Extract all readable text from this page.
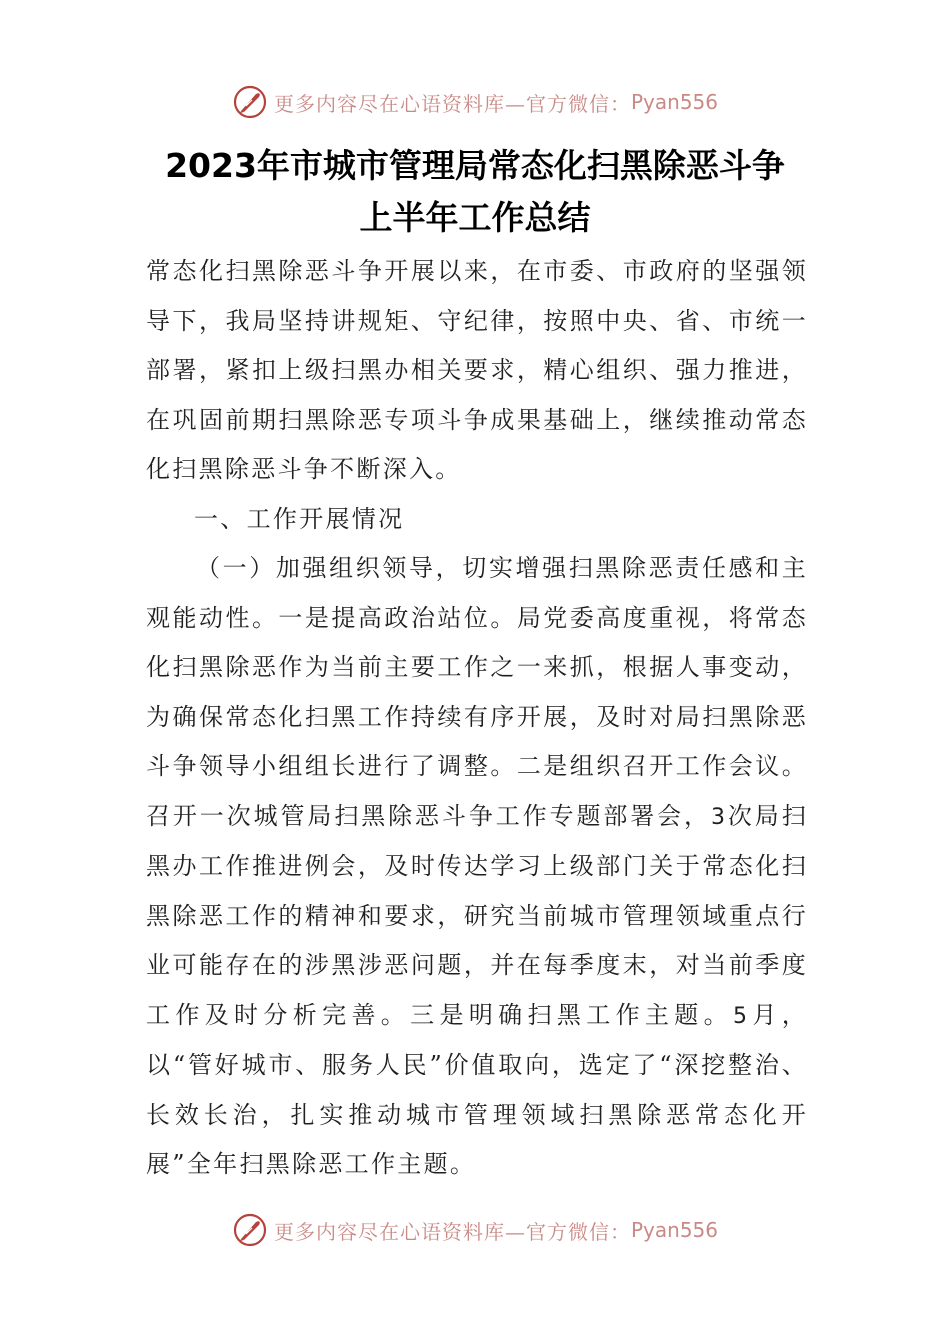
更多内容尽在心语资料库—官方微信： Pyan556
2023年市城市管理局常态化扫黑除恶斗争
上半年工作总结

常态化扫黑除恶斗争开展以来，在市委、市政府的坚强领导下，我局坚持讲规矩、守纪律，按照中央、省、市统一部署，紧扣上级扫黑办相关要求，精心组织、强力推进，在巩固前期扫黑除恶专项斗争成果基础上，继续推动常态化扫黑除恶斗争不断深入。

一、工作开展情况

（一）加强组织领导，切实增强扫黑除恶责任感和主观能动性。一是提高政治站位。局党委高度重视，将常态化扫黑除恶作为当前主要工作之一来抓，根据人事变动，为确保常态化扫黑工作持续有序开展，及时对局扫黑除恶斗争领导小组组长进行了调整。二是组织召开工作会议。召开一次城管局扫黑除恶斗争工作专题部署会，3次局扫黑办工作推进例会，及时传达学习上级部门关于常态化扫黑除恶工作的精神和要求，研究当前城市管理领域重点行业可能存在的涉黑涉恶问题，并在每季度末，对当前季度工作及时分析完善。三是明确扫黑工作主题。5月，以“管好城市、服务人民”价值取向，选定了“深挖整治、长效长治，扎实推动城市管理领域扫黑除恶常态化开展”全年扫黑除恶工作主题。

更多内容尽在心语资料库—官方微信： Pyan556
